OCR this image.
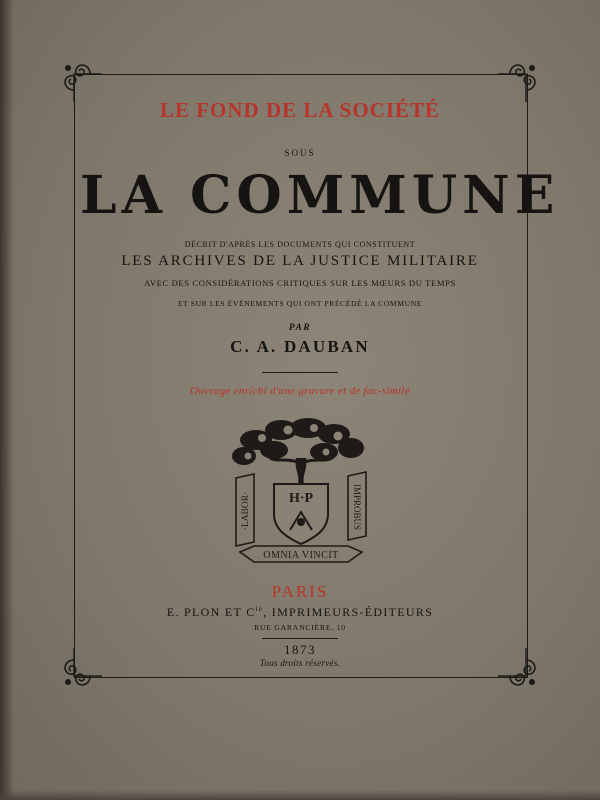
LE FOND DE LA SOCIÉTÉ
SOUS
LA COMMUNE
DÉCRIT D'APRÈS LES DOCUMENTS QUI CONSTITUENT
LES ARCHIVES DE LA JUSTICE MILITAIRE
AVEC DES CONSIDÉRATIONS CRITIQUES SUR LES MŒURS DU TEMPS
ET SUR LES ÉVÉNEMENTS QUI ONT PRÉCÉDÉ LA COMMUNE
PAR
C. A. DAUBAN
Ouvrage enrichi d'une gravure et de fac-similé
·LABOR·	IMPROBUS
OMNIA VINCIT
H·P
PARIS
E. PLON ET $C^{ie}$, IMPRIMEURS-ÉDITEURS
RUE GARANCIÈRE, 10
1873
Tous droits réservés.
